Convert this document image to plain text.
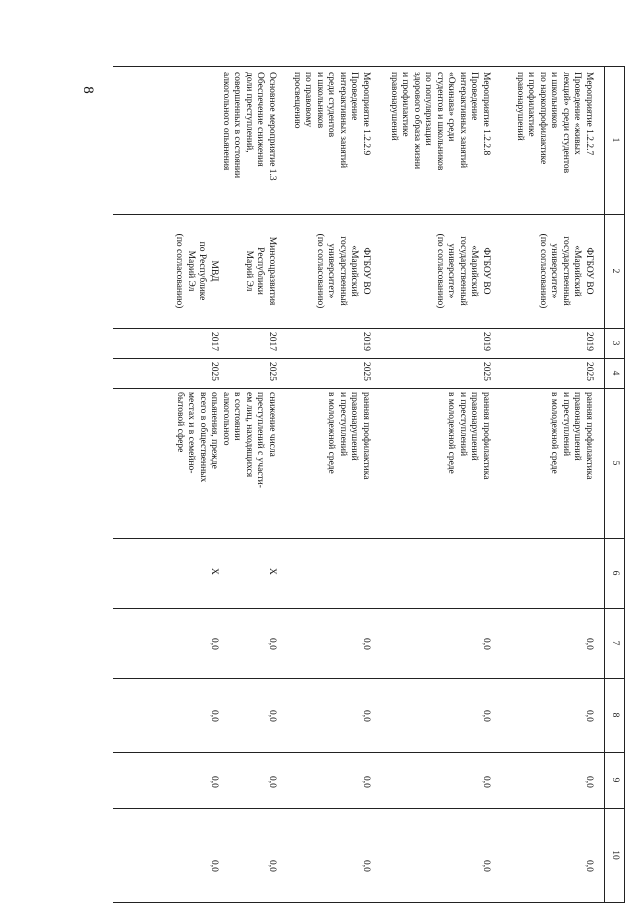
8
1
2
3
4
5
6
7
8
9
10
Мероприятие 1.2.2.7
Проведение «живых
лекций» среди студентов
и школьников
по наркопрофилактике
и профилактике
правонарушений
ФГБОУ ВО
«Марийский
государственный
университет»
(по согласованию)
2019
2025
ранняя профилактика
правонарушений
и преступлений
в молодежной среде
0,0
0,0
0,0
0,0
Мероприятие 1.2.2.8
Проведение
интерактивных занятий
«Окинава» среди
студентов и школьников
по популяризации
здорового образа жизни
и профилактике
правонарушений
ФГБОУ ВО
«Марийский
государственный
университет»
(по согласованию)
2019
2025
ранняя профилактика
правонарушений
и преступлений
в молодежной среде
0,0
0,0
0,0
0,0
Мероприятие 1.2.2.9
Проведение
интерактивных занятий
среди студентов
и школьников
по правовому
просвещению
ФГБОУ ВО
«Марийский
государственный
университет»
(по согласованию)
2019
2025
ранняя профилактика
правонарушений
и преступлений
в молодежной среде
0,0
0,0
0,0
0,0
Основное мероприятие 1.3
Обеспечение снижения
доли преступлений,
совершенных в состоянии
алкогольного опьянения
Минсоцразвития
Республики
Марий Эл
2017
2025
снижение числа
преступлений с участи-
ем лиц, находящихся
в состоянии
алкогольного
опьянения, прежде
всего в общественных
местах и в семейно-
бытовой сфере
X
0,0
0,0
0,0
0,0
МВД
по Республике
Марий Эл
(по согласованию)
2017
2025
X
0,0
0,0
0,0
0,0
